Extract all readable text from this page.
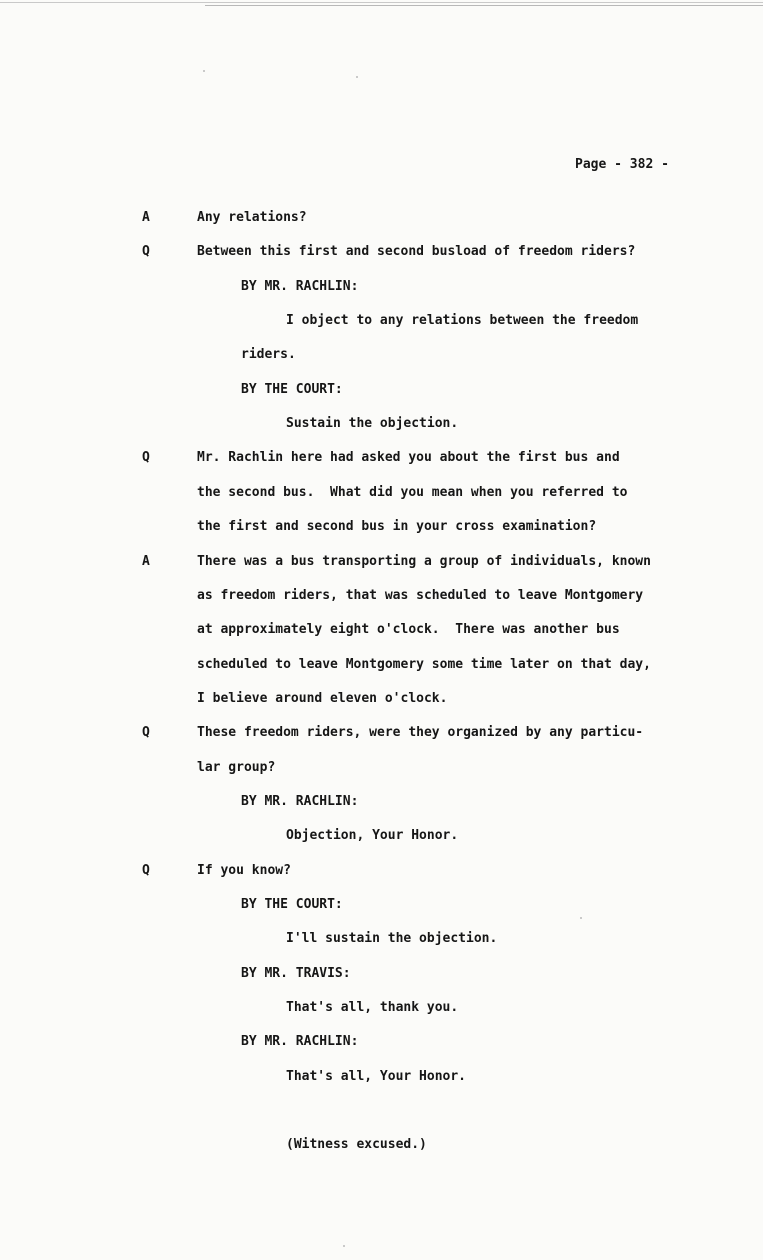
Page - 382 -
A	Any relations?
Q	Between this first and second busload of freedom riders?
BY MR. RACHLIN:
I object to any relations between the freedom
riders.
BY THE COURT:
Sustain the objection.
Q	Mr. Rachlin here had asked you about the first bus and
the second bus.  What did you mean when you referred to
the first and second bus in your cross examination?
A	There was a bus transporting a group of individuals, known
as freedom riders, that was scheduled to leave Montgomery
at approximately eight o'clock.  There was another bus
scheduled to leave Montgomery some time later on that day,
I believe around eleven o'clock.
Q	These freedom riders, were they organized by any particu-
lar group?
BY MR. RACHLIN:
Objection, Your Honor.
Q	If you know?
BY THE COURT:
I'll sustain the objection.
BY MR. TRAVIS:
That's all, thank you.
BY MR. RACHLIN:
That's all, Your Honor.
(Witness excused.)
